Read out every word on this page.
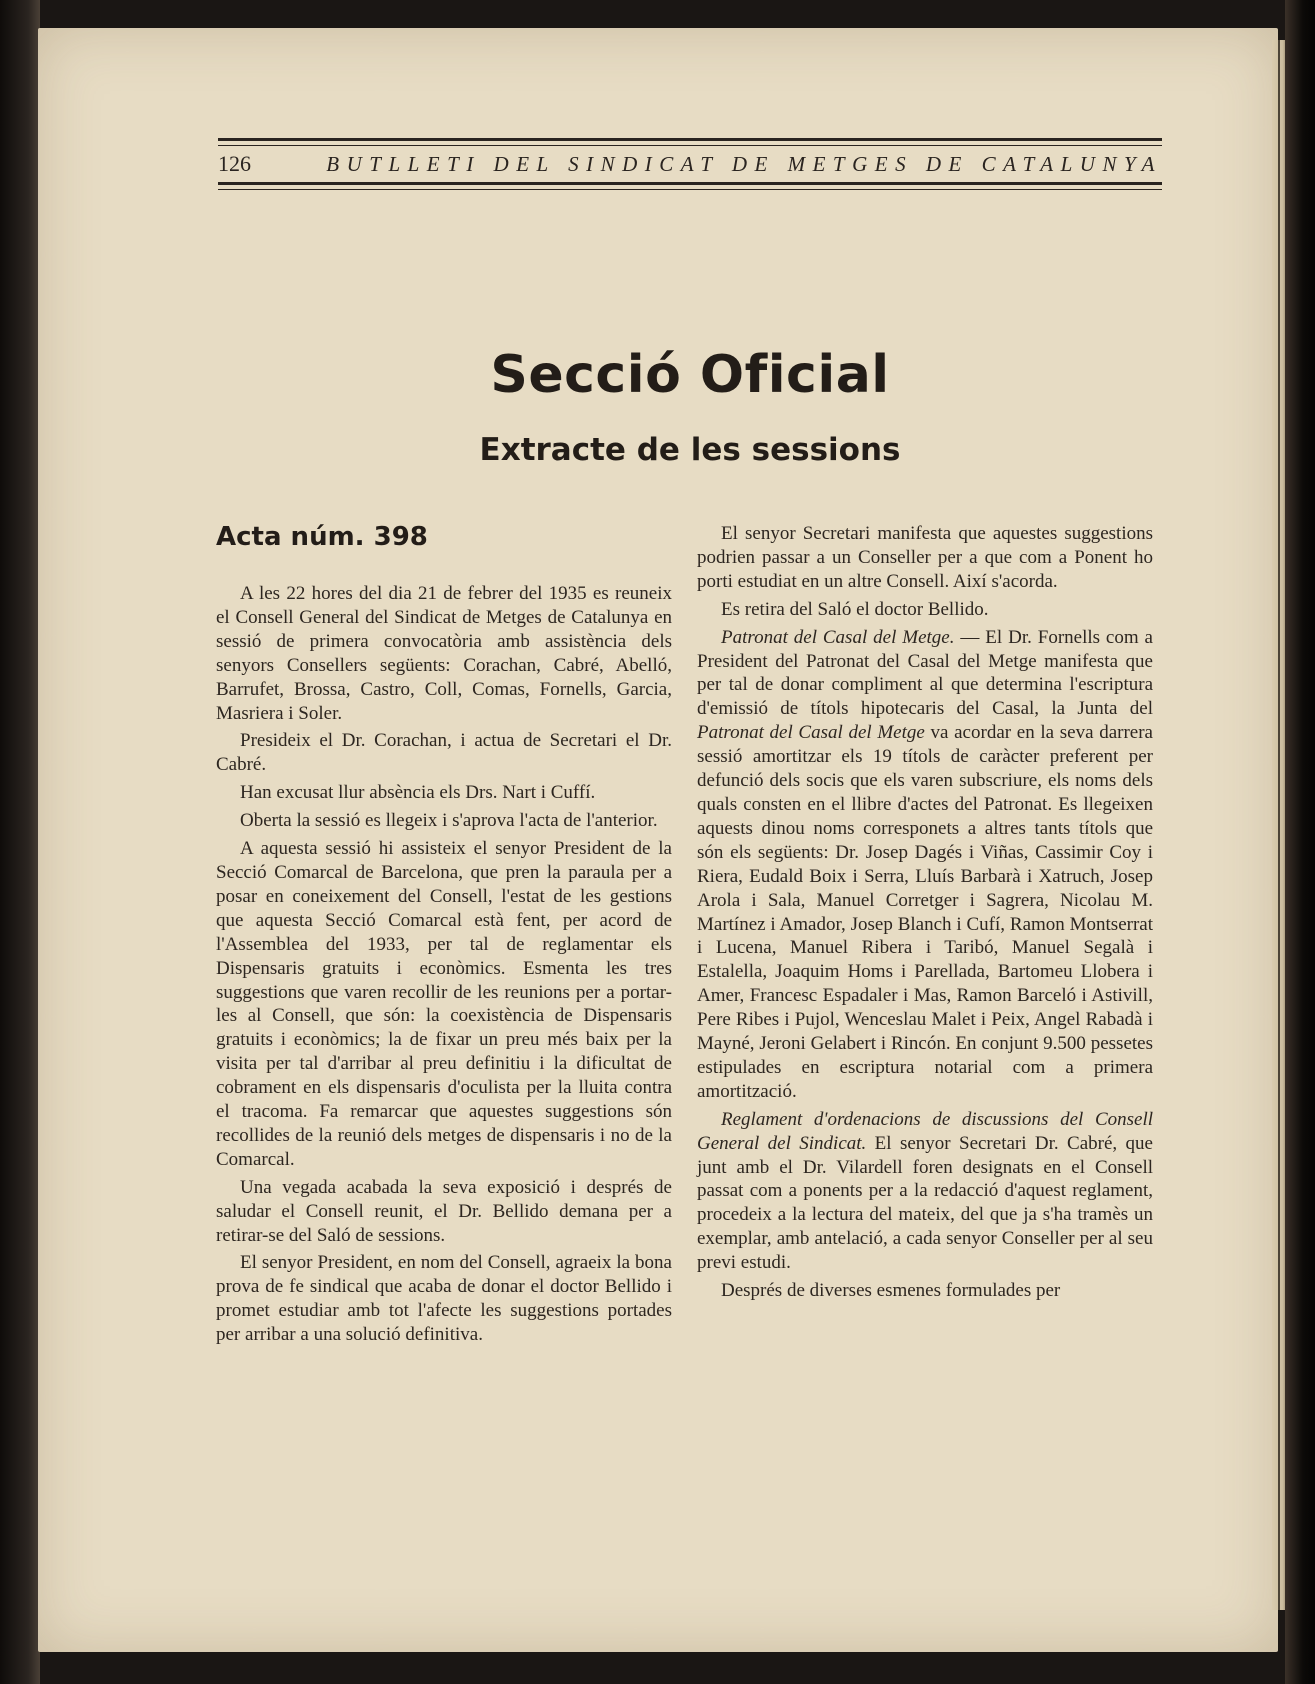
126	BUTLLETI DEL SINDICAT DE METGES DE CATALUNYA
Secció Oficial
Extracte de les sessions
Acta núm. 398

A les 22 hores del dia 21 de febrer del 1935 es reuneix el Consell General del Sindicat de Metges de Catalunya en sessió de primera convocatòria amb assistència dels senyors Consellers següents: Corachan, Cabré, Abelló, Barrufet, Brossa, Castro, Coll, Comas, Fornells, Garcia, Masriera i Soler.

Presideix el Dr. Corachan, i actua de Secretari el Dr. Cabré.

Han excusat llur absència els Drs. Nart i Cuffí.

Oberta la sessió es llegeix i s'aprova l'acta de l'anterior.

A aquesta sessió hi assisteix el senyor President de la Secció Comarcal de Barcelona, que pren la paraula per a posar en coneixement del Consell, l'estat de les gestions que aquesta Secció Comarcal està fent, per acord de l'Assemblea del 1933, per tal de reglamentar els Dispensaris gratuits i econòmics. Esmenta les tres suggestions que varen recollir de les reunions per a portar-les al Consell, que són: la coexistència de Dispensaris gratuits i econòmics; la de fixar un preu més baix per la visita per tal d'arribar al preu definitiu i la dificultat de cobrament en els dispensaris d'oculista per la lluita contra el tracoma. Fa remarcar que aquestes suggestions són recollides de la reunió dels metges de dispensaris i no de la Comarcal.

Una vegada acabada la seva exposició i després de saludar el Consell reunit, el Dr. Bellido demana per a retirar-se del Saló de sessions.

El senyor President, en nom del Consell, agraeix la bona prova de fe sindical que acaba de donar el doctor Bellido i promet estudiar amb tot l'afecte les suggestions portades per arribar a una solució definitiva.

El senyor Secretari manifesta que aquestes suggestions podrien passar a un Conseller per a que com a Ponent ho porti estudiat en un altre Consell. Així s'acorda.

Es retira del Saló el doctor Bellido.

Patronat del Casal del Metge. — El Dr. Fornells com a President del Patronat del Casal del Metge manifesta que per tal de donar compliment al que determina l'escriptura d'emissió de títols hipotecaris del Casal, la Junta del Patronat del Casal del Metge va acordar en la seva darrera sessió amortitzar els 19 títols de caràcter preferent per defunció dels socis que els varen subscriure, els noms dels quals consten en el llibre d'actes del Patronat. Es llegeixen aquests dinou noms corresponets a altres tants títols que són els següents: Dr. Josep Dagés i Viñas, Cassimir Coy i Riera, Eudald Boix i Serra, Lluís Barbarà i Xatruch, Josep Arola i Sala, Manuel Corretger i Sagrera, Nicolau M. Martínez i Amador, Josep Blanch i Cufí, Ramon Montserrat i Lucena, Manuel Ribera i Taribó, Manuel Segalà i Estalella, Joaquim Homs i Parellada, Bartomeu Llobera i Amer, Francesc Espadaler i Mas, Ramon Barceló i Astivill, Pere Ribes i Pujol, Wenceslau Malet i Peix, Angel Rabadà i Mayné, Jeroni Gelabert i Rincón. En conjunt 9.500 pessetes estipulades en escriptura notarial com a primera amortització.

Reglament d'ordenacions de discussions del Consell General del Sindicat. El senyor Secretari Dr. Cabré, que junt amb el Dr. Vilardell foren designats en el Consell passat com a ponents per a la redacció d'aquest reglament, procedeix a la lectura del mateix, del que ja s'ha tramès un exemplar, amb antelació, a cada senyor Conseller per al seu previ estudi.

Després de diverses esmenes formulades per
